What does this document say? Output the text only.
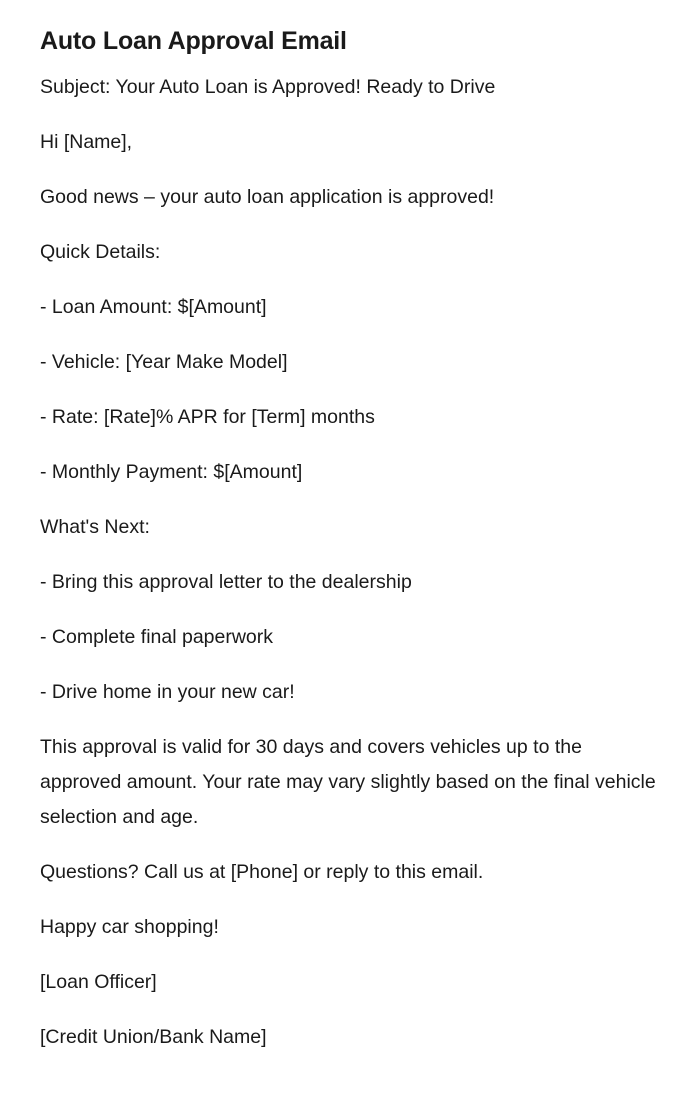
Auto Loan Approval Email

Subject: Your Auto Loan is Approved! Ready to Drive

Hi [Name],

Good news – your auto loan application is approved!

Quick Details:

- Loan Amount: $[Amount]

- Vehicle: [Year Make Model]

- Rate: [Rate]% APR for [Term] months

- Monthly Payment: $[Amount]

What's Next:

- Bring this approval letter to the dealership

- Complete final paperwork

- Drive home in your new car!

This approval is valid for 30 days and covers vehicles up to the approved amount. Your rate may vary slightly based on the final vehicle selection and age.

Questions? Call us at [Phone] or reply to this email.

Happy car shopping!

[Loan Officer]

[Credit Union/Bank Name]
